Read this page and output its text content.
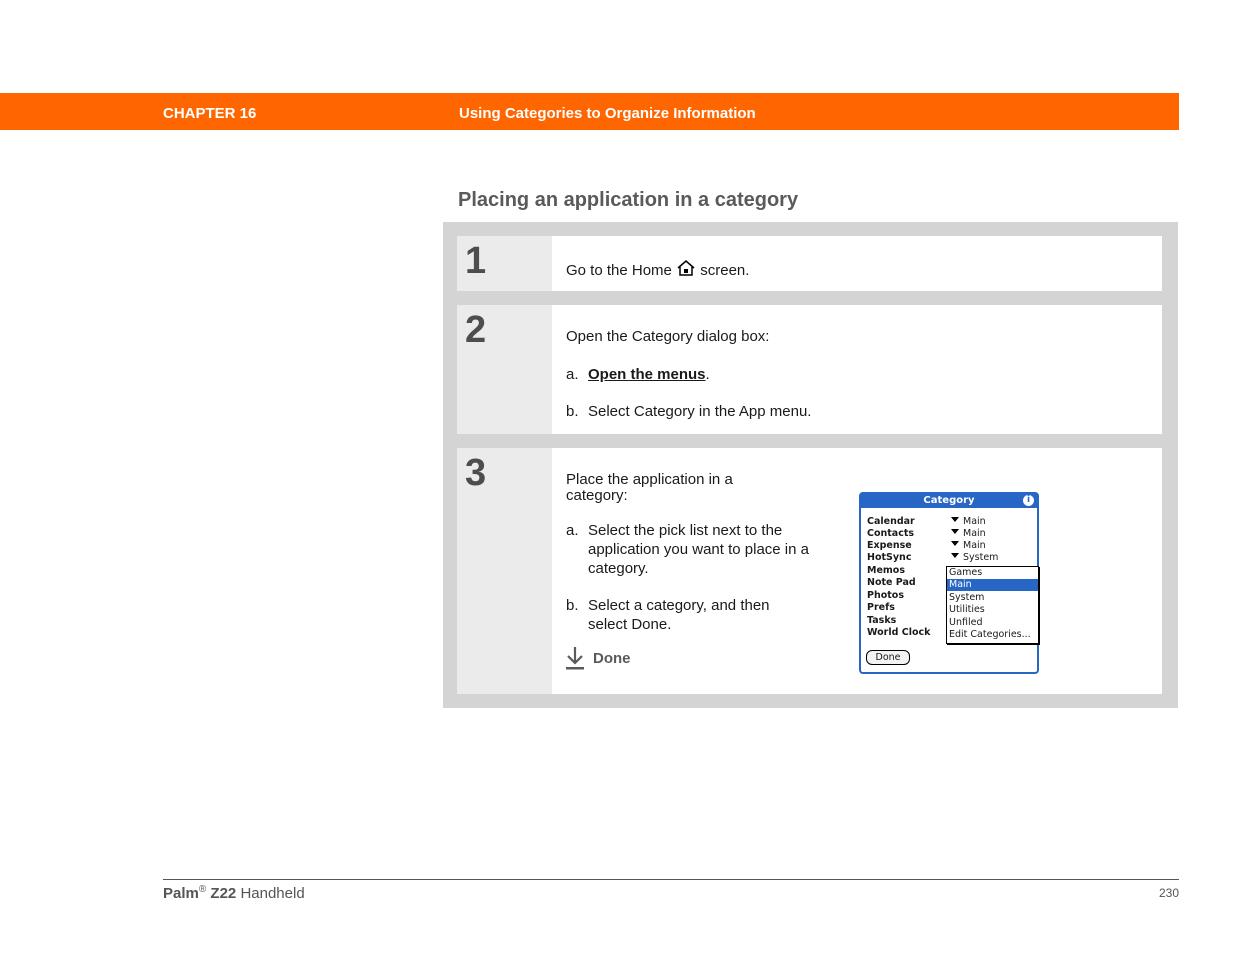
CHAPTER 16	Using Categories to Organize Information
Placing an application in a category
1	Go to the Home screen.
2	Open the Category dialog box:
a. Open the menus.
b. Select Category in the App menu.
3	Place the application in a category:
a. Select the pick list next to the application you want to place in a category.
b. Select a category, and then select Done.
Done
Category	i
Calendar	Main
Contacts	Main
Expense	Main
HotSync	System
Memos
Note Pad
Photos
Prefs
Tasks
World Clock
Games
Main
System
Utilities
Unfiled
Edit Categories...
Done
Palm® Z22 Handheld	230
